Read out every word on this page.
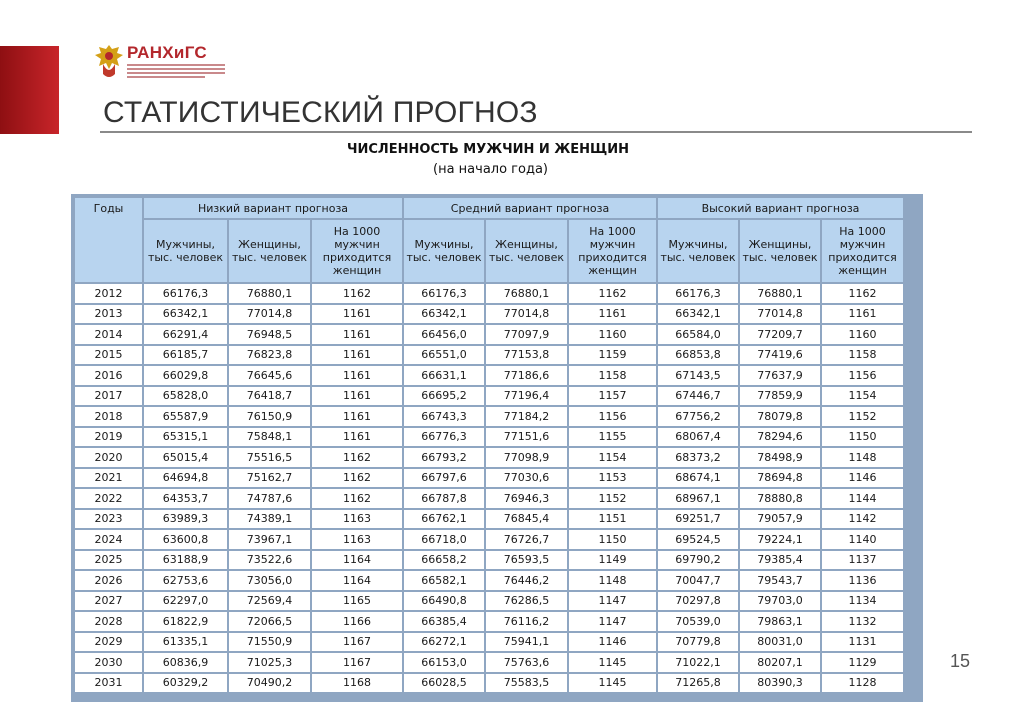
РАНХиГС
СТАТИСТИЧЕСКИЙ ПРОГНОЗ
ЧИСЛЕННОСТЬ МУЖЧИН И ЖЕНЩИН
(на начало года)
Годы	Низкий вариант прогноза			Средний вариант прогноза			Высокий вариант прогноза		
	Мужчины, тыс. человек	Женщины, тыс. человек	На 1000 мужчин приходится женщин	Мужчины, тыс. человек	Женщины, тыс. человек	На 1000 мужчин приходится женщин	Мужчины, тыс. человек	Женщины, тыс. человек	На 1000 мужчин приходится женщин
2012	66176,3	76880,1	1162	66176,3	76880,1	1162	66176,3	76880,1	1162
2013	66342,1	77014,8	1161	66342,1	77014,8	1161	66342,1	77014,8	1161
2014	66291,4	76948,5	1161	66456,0	77097,9	1160	66584,0	77209,7	1160
2015	66185,7	76823,8	1161	66551,0	77153,8	1159	66853,8	77419,6	1158
2016	66029,8	76645,6	1161	66631,1	77186,6	1158	67143,5	77637,9	1156
2017	65828,0	76418,7	1161	66695,2	77196,4	1157	67446,7	77859,9	1154
2018	65587,9	76150,9	1161	66743,3	77184,2	1156	67756,2	78079,8	1152
2019	65315,1	75848,1	1161	66776,3	77151,6	1155	68067,4	78294,6	1150
2020	65015,4	75516,5	1162	66793,2	77098,9	1154	68373,2	78498,9	1148
2021	64694,8	75162,7	1162	66797,6	77030,6	1153	68674,1	78694,8	1146
2022	64353,7	74787,6	1162	66787,8	76946,3	1152	68967,1	78880,8	1144
2023	63989,3	74389,1	1163	66762,1	76845,4	1151	69251,7	79057,9	1142
2024	63600,8	73967,1	1163	66718,0	76726,7	1150	69524,5	79224,1	1140
2025	63188,9	73522,6	1164	66658,2	76593,5	1149	69790,2	79385,4	1137
2026	62753,6	73056,0	1164	66582,1	76446,2	1148	70047,7	79543,7	1136
2027	62297,0	72569,4	1165	66490,8	76286,5	1147	70297,8	79703,0	1134
2028	61822,9	72066,5	1166	66385,4	76116,2	1147	70539,0	79863,1	1132
2029	61335,1	71550,9	1167	66272,1	75941,1	1146	70779,8	80031,0	1131
2030	60836,9	71025,3	1167	66153,0	75763,6	1145	71022,1	80207,1	1129
2031	60329,2	70490,2	1168	66028,5	75583,5	1145	71265,8	80390,3	1128
15
